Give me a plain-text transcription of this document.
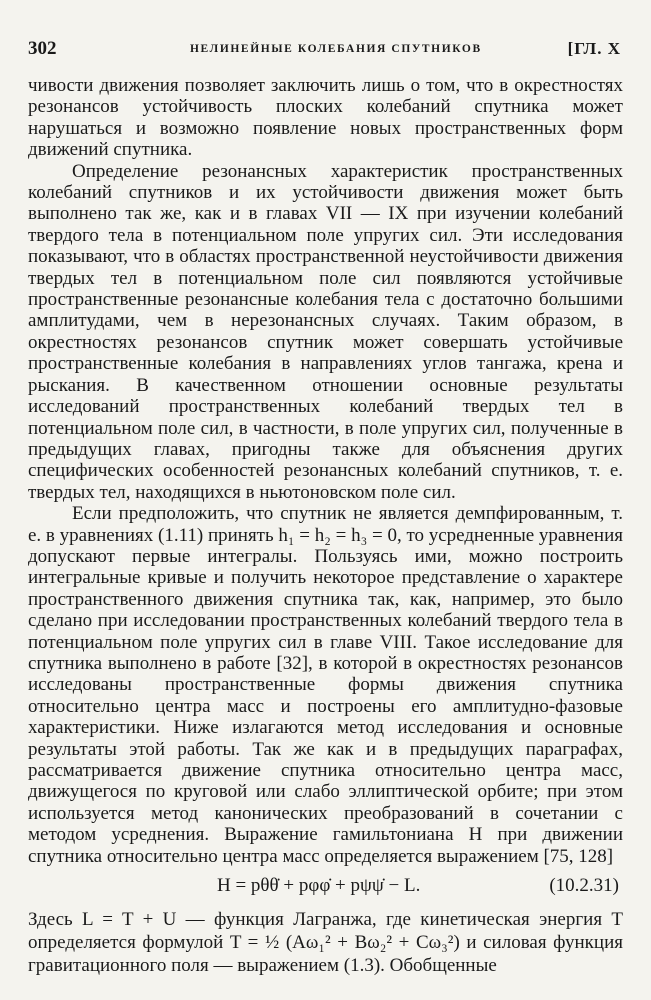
302	НЕЛИНЕЙНЫЕ КОЛЕБАНИЯ СПУТНИКОВ	[ГЛ. X

чивости движения позволяет заключить лишь о том, что в окрестностях резонансов устойчивость плоских колебаний спутника может нарушаться и возможно появление новых пространственных форм движений спутника.

Определение резонансных характеристик пространственных колебаний спутников и их устойчивости движения может быть выполнено так же, как и в главах VII — IX при изучении колебаний твердого тела в потенциальном поле упругих сил. Эти исследования показывают, что в областях пространственной неустойчивости движения твердых тел в потенциальном поле сил появляются устойчивые пространственные резонансные колебания тела с достаточно большими амплитудами, чем в нерезонансных случаях. Таким образом, в окрестностях резонансов спутник может совершать устойчивые пространственные колебания в направлениях углов тангажа, крена и рыскания. В качественном отношении основные результаты исследований пространственных колебаний твердых тел в потенциальном поле сил, в частности, в поле упругих сил, полученные в предыдущих главах, пригодны также для объяснения других специфических особенностей резонансных колебаний спутников, т. е. твердых тел, находящихся в ньютоновском поле сил.

Если предположить, что спутник не является демпфированным, т. е. в уравнениях (1.11) принять h₁ = h₂ = h₃ = 0, то усредненные уравнения допускают первые интегралы. Пользуясь ими, можно построить интегральные кривые и получить некоторое представление о характере пространственного движения спутника так, как, например, это было сделано при исследовании пространственных колебаний твердого тела в потенциальном поле упругих сил в главе VIII. Такое исследование для спутника выполнено в работе [32], в которой в окрестностях резонансов исследованы пространственные формы движения спутника относительно центра масс и построены его амплитудно-фазовые характеристики. Ниже излагаются метод исследования и основные результаты этой работы. Так же как и в предыдущих параграфах, рассматривается движение спутника относительно центра масс, движущегося по круговой или слабо эллиптической орбите; при этом используется метод канонических преобразований в сочетании с методом усреднения. Выражение гамильтониана H при движении спутника относительно центра масс определяется выражением [75, 128]

H = pθθ̇ + pφφ̇ + pψψ̇ − L.	(10.2.31)

Здесь L = T + U — функция Лагранжа, где кинетическая энергия T определяется формулой T = ½ (Aω₁² + Bω₂² + Cω₃²) и силовая функция гравитационного поля — выражением (1.3). Обобщенные
